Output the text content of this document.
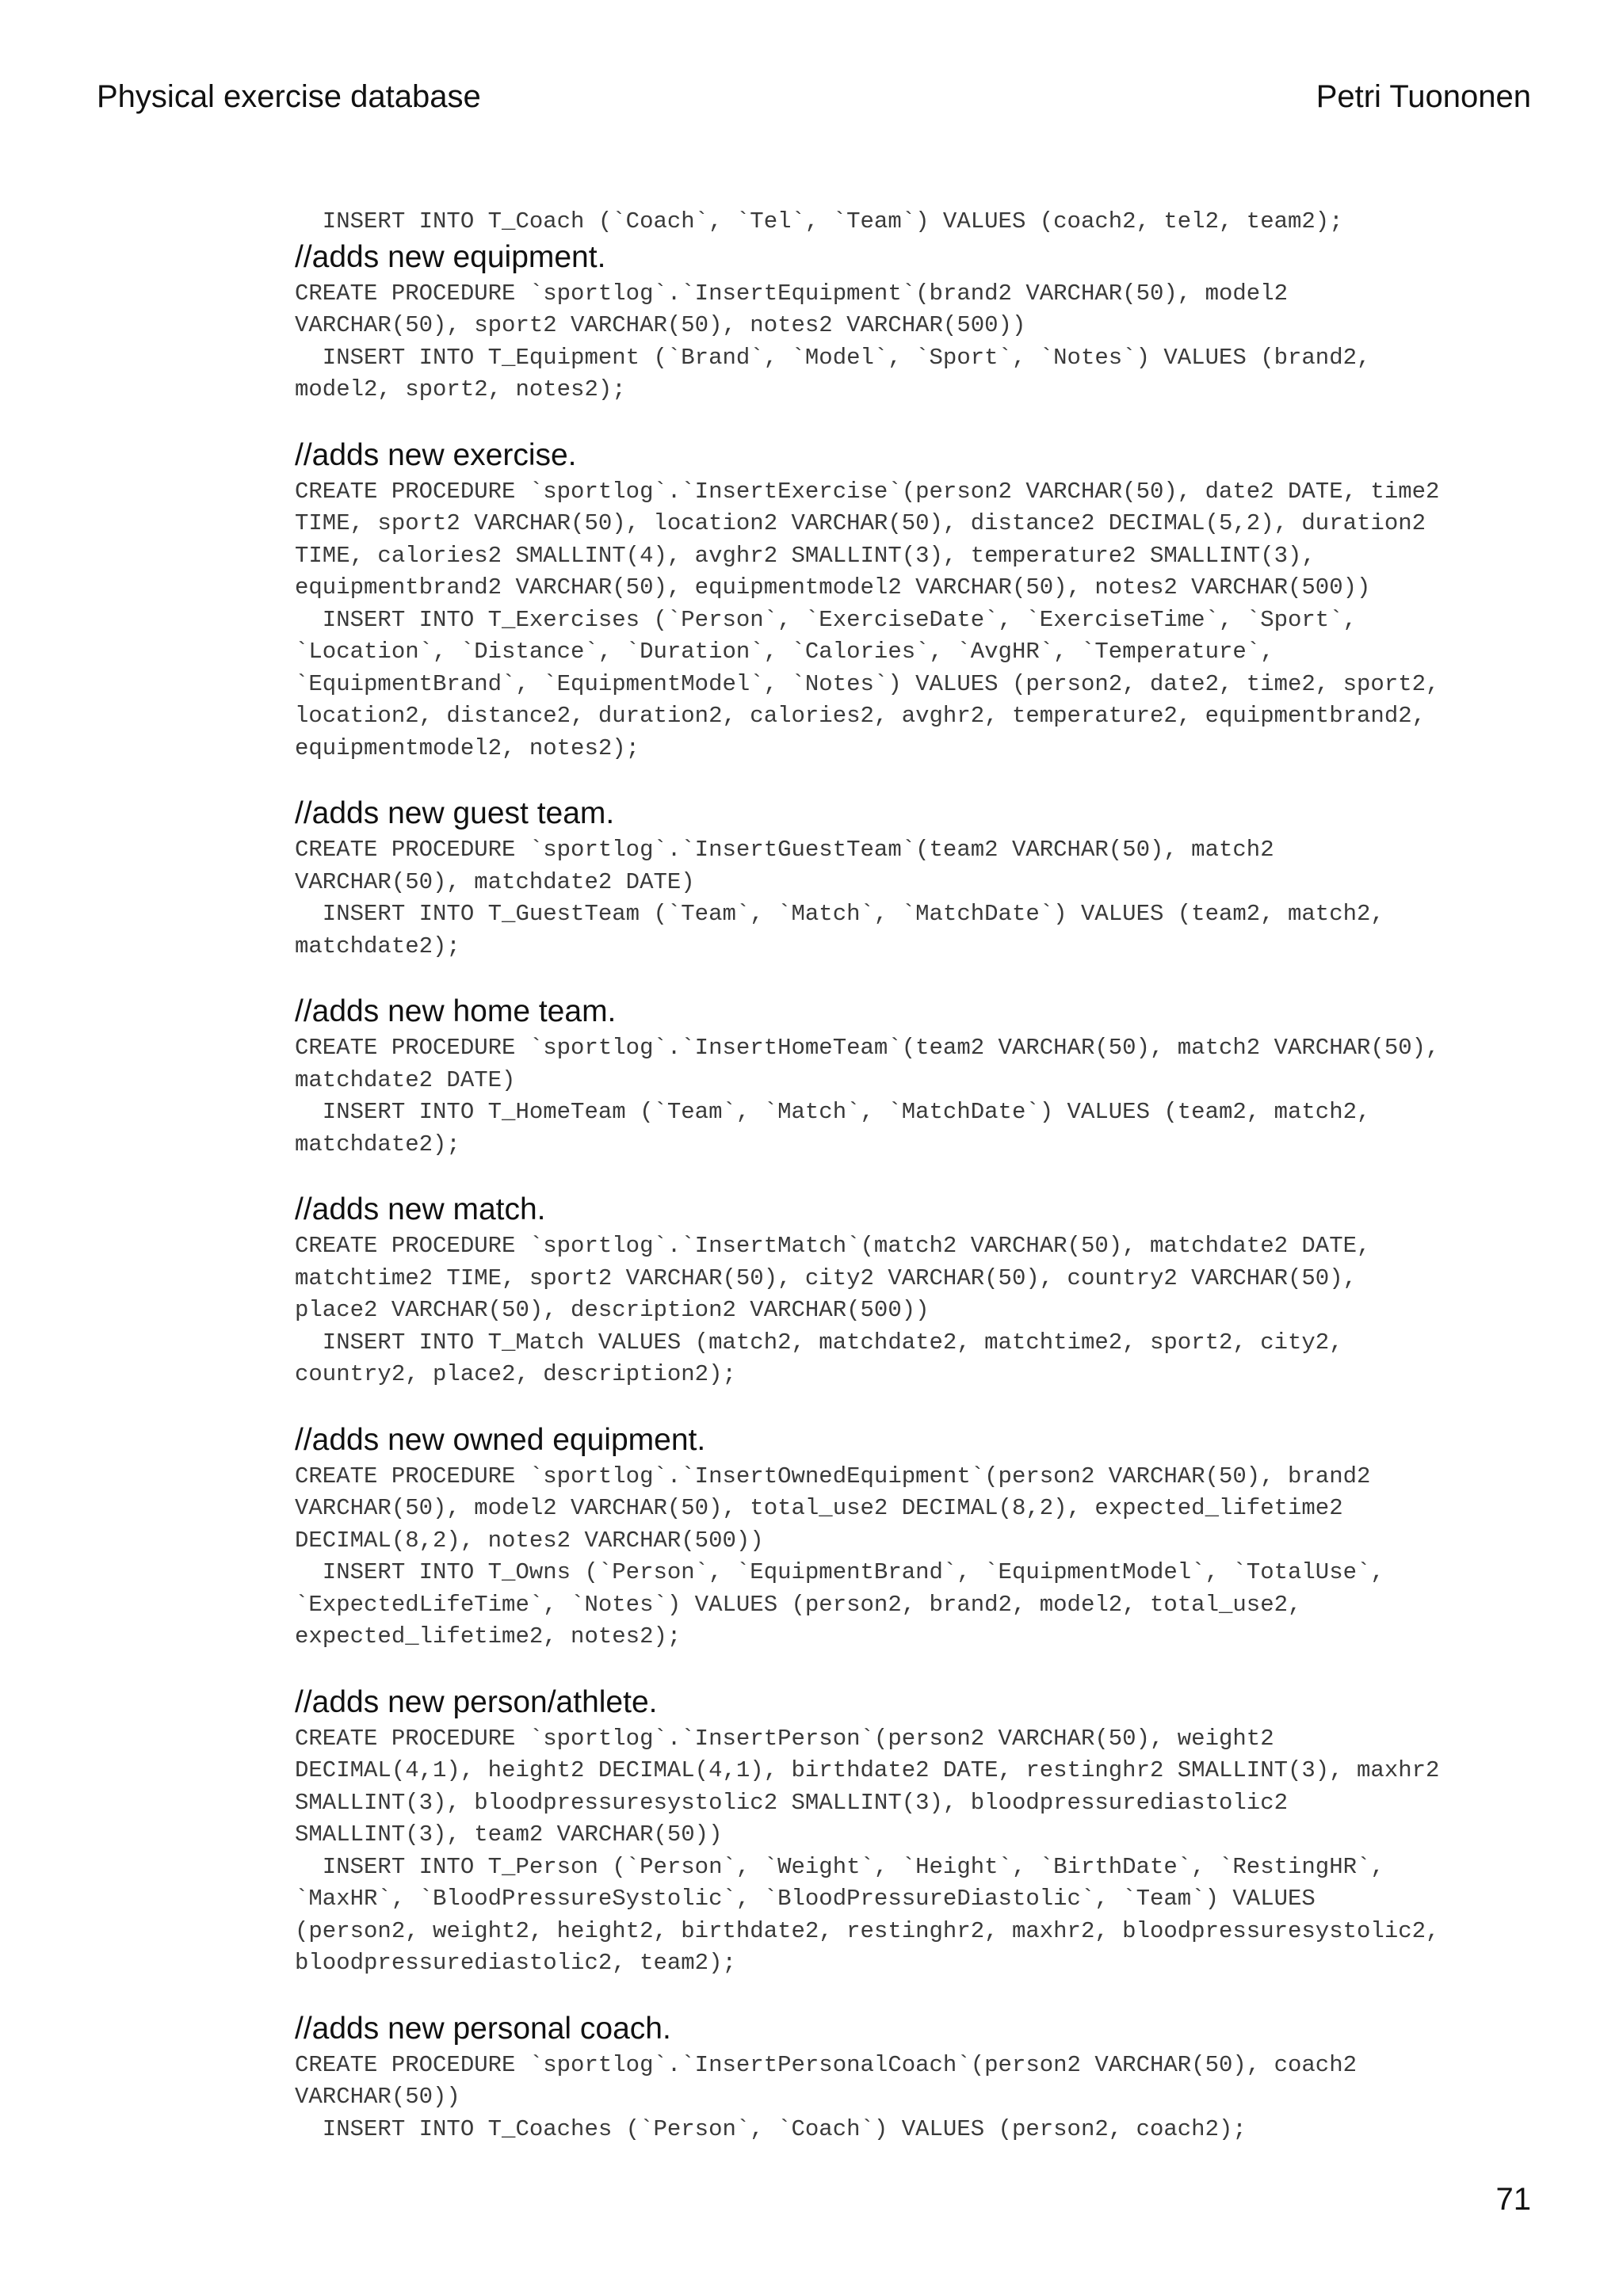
Physical exercise database	Petri Tuononen
INSERT INTO T_Coach (`Coach`, `Tel`, `Team`) VALUES (coach2, tel2, team2);
//adds new equipment.
CREATE PROCEDURE `sportlog`.`InsertEquipment`(brand2 VARCHAR(50), model2
VARCHAR(50), sport2 VARCHAR(50), notes2 VARCHAR(500))
INSERT INTO T_Equipment (`Brand`, `Model`, `Sport`, `Notes`) VALUES (brand2,
model2, sport2, notes2);
//adds new exercise.
CREATE PROCEDURE `sportlog`.`InsertExercise`(person2 VARCHAR(50), date2 DATE, time2
TIME, sport2 VARCHAR(50), location2 VARCHAR(50), distance2 DECIMAL(5,2), duration2
TIME, calories2 SMALLINT(4), avghr2 SMALLINT(3), temperature2 SMALLINT(3),
equipmentbrand2 VARCHAR(50), equipmentmodel2 VARCHAR(50), notes2 VARCHAR(500))
INSERT INTO T_Exercises (`Person`, `ExerciseDate`, `ExerciseTime`, `Sport`,
`Location`, `Distance`, `Duration`, `Calories`, `AvgHR`, `Temperature`,
`EquipmentBrand`, `EquipmentModel`, `Notes`) VALUES (person2, date2, time2, sport2,
location2, distance2, duration2, calories2, avghr2, temperature2, equipmentbrand2,
equipmentmodel2, notes2);
//adds new guest team.
CREATE PROCEDURE `sportlog`.`InsertGuestTeam`(team2 VARCHAR(50), match2
VARCHAR(50), matchdate2 DATE)
INSERT INTO T_GuestTeam (`Team`, `Match`, `MatchDate`) VALUES (team2, match2,
matchdate2);
//adds new home team.
CREATE PROCEDURE `sportlog`.`InsertHomeTeam`(team2 VARCHAR(50), match2 VARCHAR(50),
matchdate2 DATE)
INSERT INTO T_HomeTeam (`Team`, `Match`, `MatchDate`) VALUES (team2, match2,
matchdate2);
//adds new match.
CREATE PROCEDURE `sportlog`.`InsertMatch`(match2 VARCHAR(50), matchdate2 DATE,
matchtime2 TIME, sport2 VARCHAR(50), city2 VARCHAR(50), country2 VARCHAR(50),
place2 VARCHAR(50), description2 VARCHAR(500))
INSERT INTO T_Match VALUES (match2, matchdate2, matchtime2, sport2, city2,
country2, place2, description2);
//adds new owned equipment.
CREATE PROCEDURE `sportlog`.`InsertOwnedEquipment`(person2 VARCHAR(50), brand2
VARCHAR(50), model2 VARCHAR(50), total_use2 DECIMAL(8,2), expected_lifetime2
DECIMAL(8,2), notes2 VARCHAR(500))
INSERT INTO T_Owns (`Person`, `EquipmentBrand`, `EquipmentModel`, `TotalUse`,
`ExpectedLifeTime`, `Notes`) VALUES (person2, brand2, model2, total_use2,
expected_lifetime2, notes2);
//adds new person/athlete.
CREATE PROCEDURE `sportlog`.`InsertPerson`(person2 VARCHAR(50), weight2
DECIMAL(4,1), height2 DECIMAL(4,1), birthdate2 DATE, restinghr2 SMALLINT(3), maxhr2
SMALLINT(3), bloodpressuresystolic2 SMALLINT(3), bloodpressurediastolic2
SMALLINT(3), team2 VARCHAR(50))
INSERT INTO T_Person (`Person`, `Weight`, `Height`, `BirthDate`, `RestingHR`,
`MaxHR`, `BloodPressureSystolic`, `BloodPressureDiastolic`, `Team`) VALUES
(person2, weight2, height2, birthdate2, restinghr2, maxhr2, bloodpressuresystolic2,
bloodpressurediastolic2, team2);
//adds new personal coach.
CREATE PROCEDURE `sportlog`.`InsertPersonalCoach`(person2 VARCHAR(50), coach2
VARCHAR(50))
INSERT INTO T_Coaches (`Person`, `Coach`) VALUES (person2, coach2);
71
